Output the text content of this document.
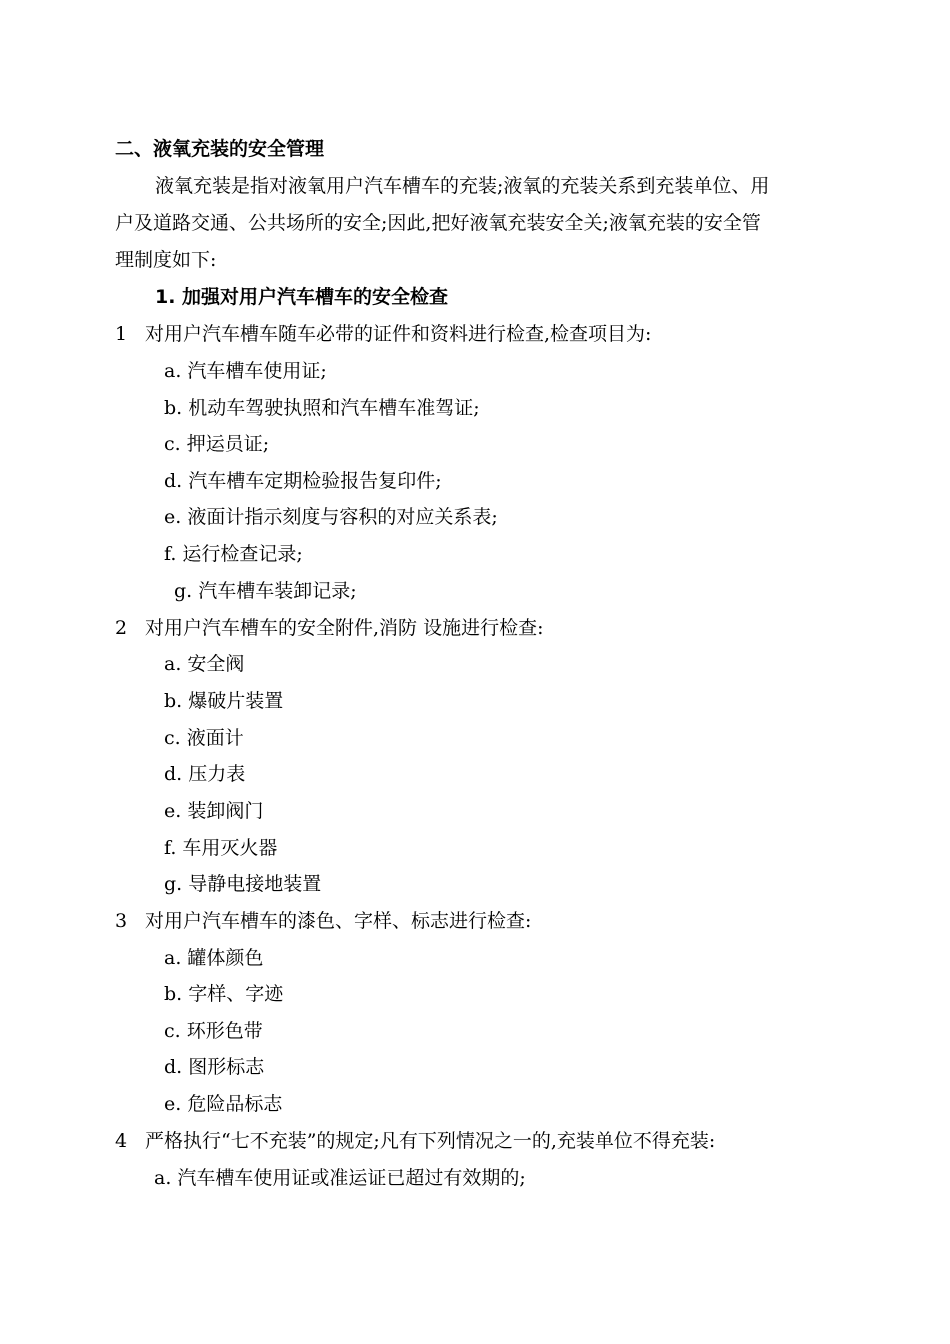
二、液氧充装的安全管理
液氧充装是指对液氧用户汽车槽车的充装;液氧的充装关系到充装单位、用
户及道路交通、公共场所的安全;因此,把好液氧充装安全关;液氧充装的安全管
理制度如下:
1. 加强对用户汽车槽车的安全检查
1 对用户汽车槽车随车必带的证件和资料进行检查,检查项目为:
a. 汽车槽车使用证;
b. 机动车驾驶执照和汽车槽车准驾证;
c. 押运员证;
d. 汽车槽车定期检验报告复印件;
e. 液面计指示刻度与容积的对应关系表;
f. 运行检查记录;
g. 汽车槽车装卸记录;
2 对用户汽车槽车的安全附件,消防 设施进行检查:
a. 安全阀
b. 爆破片装置
c. 液面计
d. 压力表
e. 装卸阀门
f. 车用灭火器
g. 导静电接地装置
3 对用户汽车槽车的漆色、字样、标志进行检查:
a. 罐体颜色
b. 字样、字迹
c. 环形色带
d. 图形标志
e. 危险品标志
4 严格执行“七不充装”的规定;凡有下列情况之一的,充装单位不得充装:
a. 汽车槽车使用证或准运证已超过有效期的;
